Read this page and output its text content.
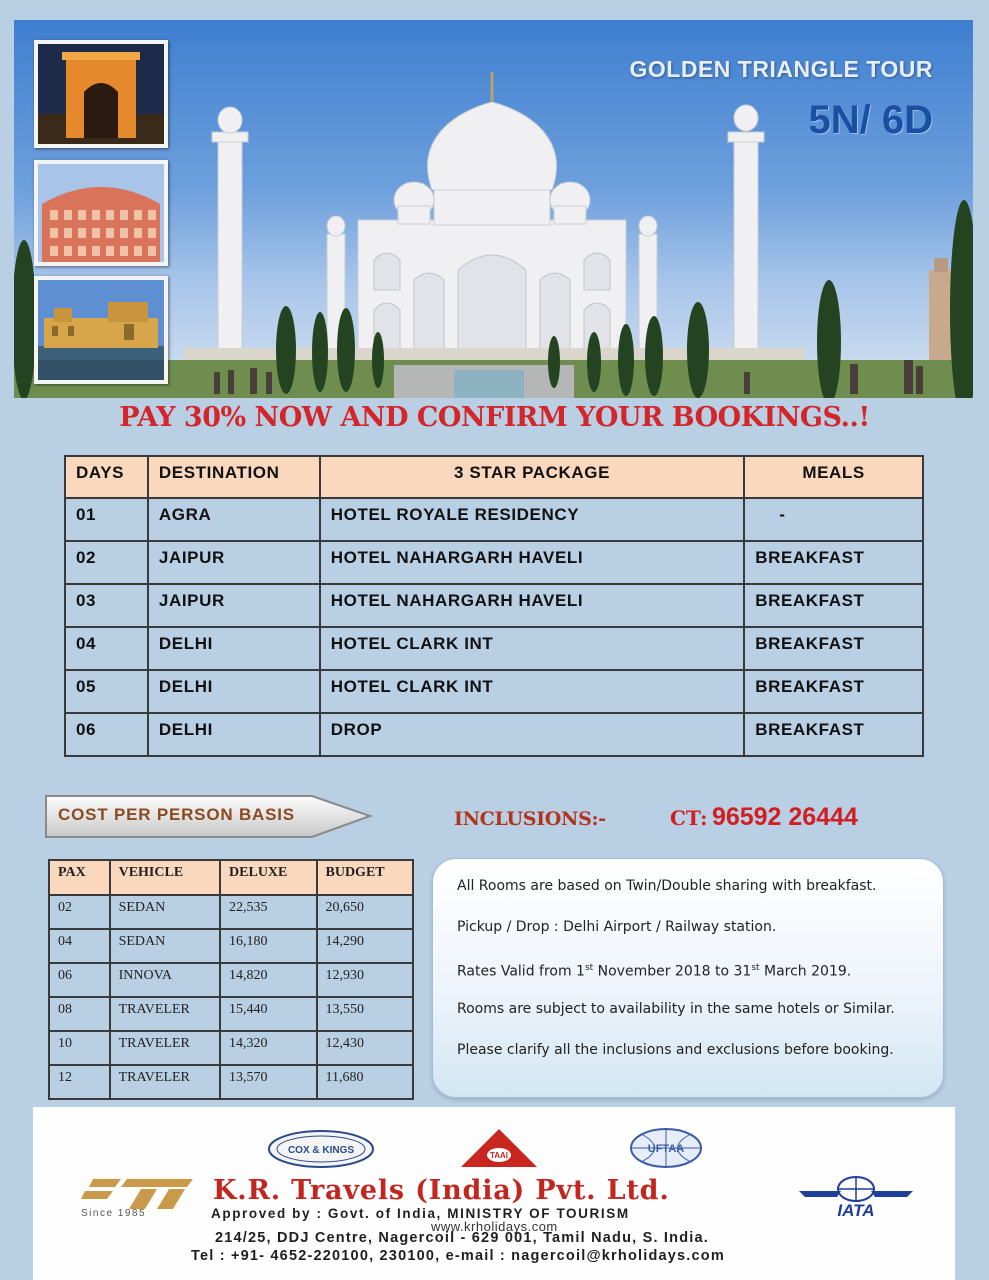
GOLDEN TRIANGLE TOUR
5N/ 6D
PAY 30% NOW AND CONFIRM YOUR BOOKINGS..!
DAYS	DESTINATION	3 STAR PACKAGE	MEALS
01	AGRA	HOTEL ROYALE RESIDENCY	-
02	JAIPUR	HOTEL NAHARGARH HAVELI	BREAKFAST
03	JAIPUR	HOTEL NAHARGARH HAVELI	BREAKFAST
04	DELHI	HOTEL CLARK INT	BREAKFAST
05	DELHI	HOTEL CLARK INT	BREAKFAST
06	DELHI	DROP	BREAKFAST
COST PER PERSON BASIS	INCLUSIONS:-	CT: 96592 26444
PAX	VEHICLE	DELUXE	BUDGET
02	SEDAN	22,535	20,650
04	SEDAN	16,180	14,290
06	INNOVA	14,820	12,930
08	TRAVELER	15,440	13,550
10	TRAVELER	14,320	12,430
12	TRAVELER	13,570	11,680

All Rooms are based on Twin/Double sharing with breakfast.

Pickup / Drop : Delhi Airport / Railway station.

Rates Valid from 1st November 2018 to 31st March 2019.

Rooms are subject to availability in the same hotels or Similar.

Please clarify all the inclusions and exclusions before booking.

COX & KINGS	TAAI
UFTAA
Since 1985	IATA
K.R. Travels (India) Pvt. Ltd.
Approved by : Govt. of India, MINISTRY OF TOURISM
www.krholidays.com
214/25, DDJ Centre, Nagercoil - 629 001, Tamil Nadu, S. India.
Tel : +91- 4652-220100, 230100, e-mail : nagercoil@krholidays.com
